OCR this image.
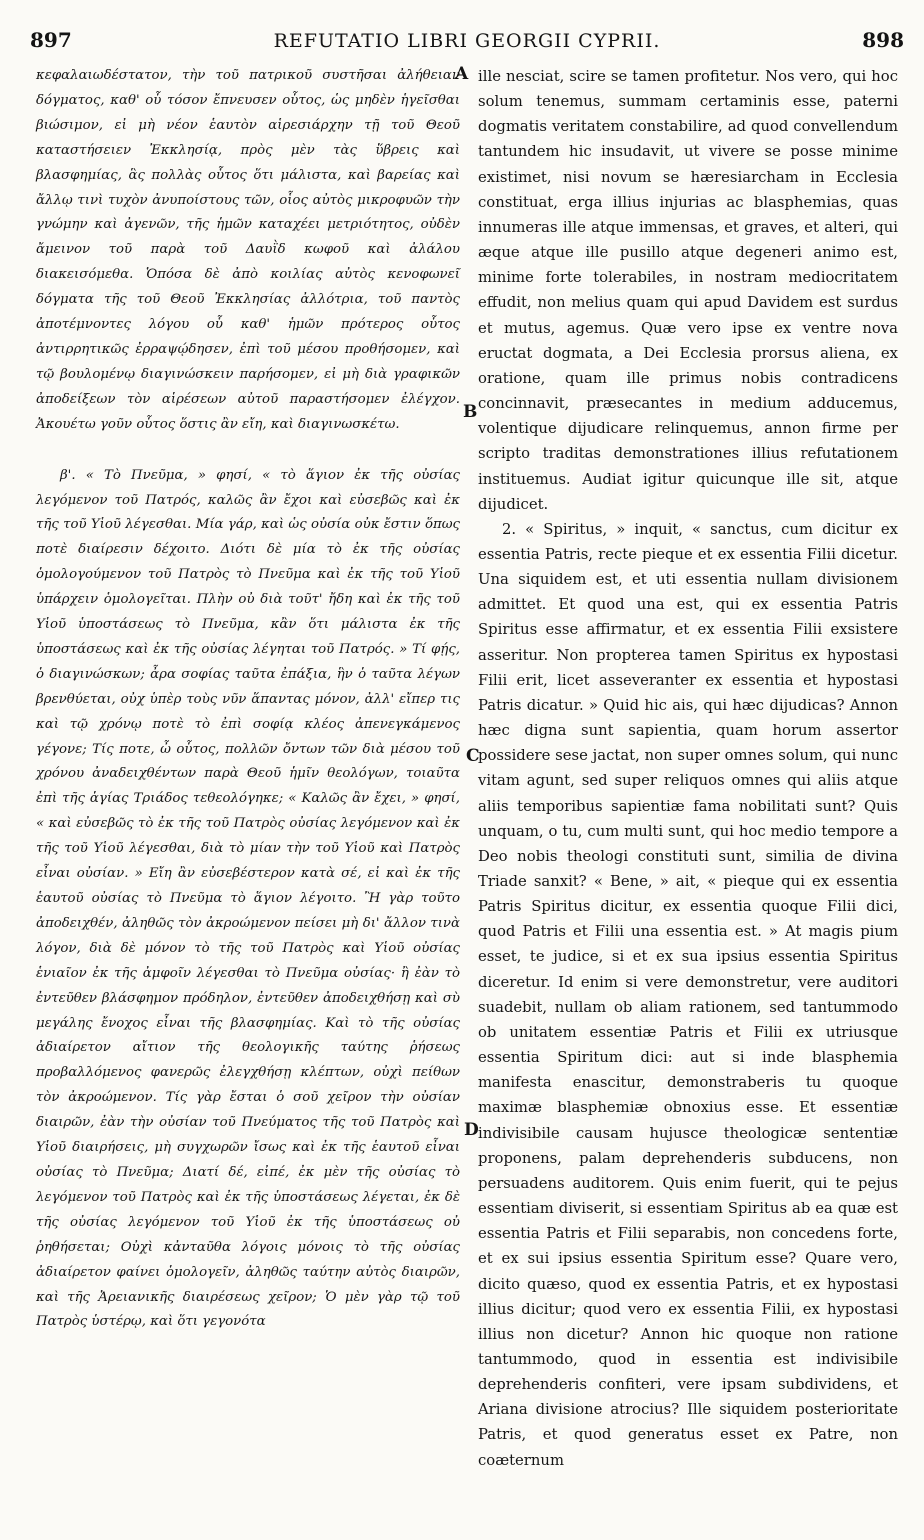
897	REFUTATIO LIBRI GEORGII CYPRII.	898

κεφαλαιωδέστατον, τὴν τοῦ πατρικοῦ συστῆσαι ἀλήθειαν δόγματος, καθ' οὗ τόσον ἔπνευσεν οὗτος, ὡς μηδὲν ἡγεῖσθαι βιώσιμον, εἰ μὴ νέον ἑαυτὸν αἱρεσιάρχην τῇ τοῦ Θεοῦ καταστήσειεν Ἐκκλησίᾳ, πρὸς μὲν τὰς ὕβρεις καὶ βλασφημίας, ἃς πολλὰς οὗτος ὅτι μάλιστα, καὶ βαρείας καὶ ἄλλῳ τινὶ τυχὸν ἀνυποίστους τῶν, οἷος αὐτὸς μικροφυῶν τὴν γνώμην καὶ ἀγενῶν, τῆς ἡμῶν καταχέει μετριότητος, οὐδὲν ἄμεινον τοῦ παρὰ τοῦ Δαυῒδ κωφοῦ καὶ ἀλάλου διακεισόμεθα. Ὁπόσα δὲ ἀπὸ κοιλίας αὐτὸς κενοφωνεῖ δόγματα τῆς τοῦ Θεοῦ Ἐκκλησίας ἀλλότρια, τοῦ παντὸς ἀποτέμνοντες λόγου οὗ καθ' ἡμῶν πρότερος οὗτος ἀντιρρητικῶς ἐρραψῴδησεν, ἐπὶ τοῦ μέσου προθήσομεν, καὶ τῷ βουλομένῳ διαγινώσκειν παρήσομεν, εἰ μὴ διὰ γραφικῶν ἀποδείξεων τὸν αἱρέσεων αὐτοῦ παραστήσομεν ἐλέγχον. Ἀκουέτω γοῦν οὗτος ὅστις ἂν εἴη, καὶ διαγινωσκέτω.

β'. « Τὸ Πνεῦμα, » φησί, « τὸ ἅγιον ἐκ τῆς οὐσίας λεγόμενον τοῦ Πατρός, καλῶς ἂν ἔχοι καὶ εὐσεβῶς καὶ ἐκ τῆς τοῦ Υἱοῦ λέγεσθαι. Μία γάρ, καὶ ὡς οὐσία οὐκ ἔστιν ὅπως ποτὲ διαίρεσιν δέχοιτο. Διότι δὲ μία τὸ ἐκ τῆς οὐσίας ὁμολογούμενον τοῦ Πατρὸς τὸ Πνεῦμα καὶ ἐκ τῆς τοῦ Υἱοῦ ὑπάρχειν ὁμολογεῖται. Πλὴν οὐ διὰ τοῦτ' ἤδη καὶ ἐκ τῆς τοῦ Υἱοῦ ὑποστάσεως τὸ Πνεῦμα, κἂν ὅτι μάλιστα ἐκ τῆς ὑποστάσεως καὶ ἐκ τῆς οὐσίας λέγηται τοῦ Πατρός. » Τί φῄς, ὁ διαγινώσκων; ἆρα σοφίας ταῦτα ἐπάξια, ἣν ὁ ταῦτα λέγων βρενθύεται, οὐχ ὑπὲρ τοὺς νῦν ἅπαντας μόνον, ἀλλ' εἴπερ τις καὶ τῷ χρόνῳ ποτὲ τὸ ἐπὶ σοφίᾳ κλέος ἀπενεγκάμενος γέγονε; Τίς ποτε, ὦ οὗτος, πολλῶν ὄντων τῶν διὰ μέσου τοῦ χρόνου ἀναδειχθέντων παρὰ Θεοῦ ἡμῖν θεολόγων, τοιαῦτα ἐπὶ τῆς ἁγίας Τριάδος τεθεολόγηκε; « Καλῶς ἂν ἔχει, » φησί, « καὶ εὐσεβῶς τὸ ἐκ τῆς τοῦ Πατρὸς οὐσίας λεγόμενον καὶ ἐκ τῆς τοῦ Υἱοῦ λέγεσθαι, διὰ τὸ μίαν τὴν τοῦ Υἱοῦ καὶ Πατρὸς εἶναι οὐσίαν. » Εἴη ἂν εὐσεβέστερον κατὰ σέ, εἰ καὶ ἐκ τῆς ἑαυτοῦ οὐσίας τὸ Πνεῦμα τὸ ἅγιον λέγοιτο. Ἢ γὰρ τοῦτο ἀποδειχθέν, ἀληθῶς τὸν ἀκροώμενον πείσει μὴ δι' ἄλλον τινὰ λόγον, διὰ δὲ μόνον τὸ τῆς τοῦ Πατρὸς καὶ Υἱοῦ οὐσίας ἑνιαῖον ἐκ τῆς ἀμφοῖν λέγεσθαι τὸ Πνεῦμα οὐσίας· ἢ ἐὰν τὸ ἐντεῦθεν βλάσφημον πρόδηλον, ἐντεῦθεν ἀποδειχθήσῃ καὶ σὺ μεγάλης ἔνοχος εἶναι τῆς βλασφημίας. Καὶ τὸ τῆς οὐσίας ἀδιαίρετον αἴτιον τῆς θεολογικῆς ταύτης ῥήσεως προβαλλόμενος φανερῶς ἐλεγχθήσῃ κλέπτων, οὐχὶ πείθων τὸν ἀκροώμενον. Τίς γὰρ ἔσται ὁ σοῦ χεῖρον τὴν οὐσίαν διαιρῶν, ἐὰν τὴν οὐσίαν τοῦ Πνεύματος τῆς τοῦ Πατρὸς καὶ Υἱοῦ διαιρήσεις, μὴ συγχωρῶν ἴσως καὶ ἐκ τῆς ἑαυτοῦ εἶναι οὐσίας τὸ Πνεῦμα; Διατί δέ, εἰπέ, ἐκ μὲν τῆς οὐσίας τὸ λεγόμενον τοῦ Πατρὸς καὶ ἐκ τῆς ὑποστάσεως λέγεται, ἐκ δὲ τῆς οὐσίας λεγόμενον τοῦ Υἱοῦ ἐκ τῆς ὑποστάσεως οὐ ῥηθήσεται; Οὐχὶ κἀνταῦθα λόγοις μόνοις τὸ τῆς οὐσίας ἀδιαίρετον φαίνει ὁμολογεῖν, ἀληθῶς ταύτην αὐτὸς διαιρῶν, καὶ τῆς Ἀρειανικῆς διαιρέσεως χεῖρον; Ὁ μὲν γὰρ τῷ τοῦ Πατρὸς ὑστέρῳ, καὶ ὅτι γεγονότα

A
B
C
D

ille nesciat, scire se tamen profitetur. Nos vero, qui hoc solum tenemus, summam certaminis esse, paterni dogmatis veritatem constabilire, ad quod convellendum tantundem hic insudavit, ut vivere se posse minime existimet, nisi novum se hæresiarcham in Ecclesia constituat, erga illius injurias ac blasphemias, quas innumeras ille atque immensas, et graves, et alteri, qui æque atque ille pusillo atque degeneri animo est, minime forte tolerabiles, in nostram mediocritatem effudit, non melius quam qui apud Davidem est surdus et mutus, agemus. Quæ vero ipse ex ventre nova eructat dogmata, a Dei Ecclesia prorsus aliena, ex oratione, quam ille primus nobis contradicens concinnavit, præsecantes in medium adducemus, volentique dijudicare relinquemus, annon firme per scripto traditas demonstrationes illius refutationem instituemus. Audiat igitur quicunque ille sit, atque dijudicet.

2. « Spiritus, » inquit, « sanctus, cum dicitur ex essentia Patris, recte pieque et ex essentia Filii dicetur. Una siquidem est, et uti essentia nullam divisionem admittet. Et quod una est, qui ex essentia Patris Spiritus esse affirmatur, et ex essentia Filii exsistere asseritur. Non propterea tamen Spiritus ex hypostasi Filii erit, licet asseveranter ex essentia et hypostasi Patris dicatur. » Quid hic ais, qui hæc dijudicas? Annon hæc digna sunt sapientia, quam horum assertor possidere sese jactat, non super omnes solum, qui nunc vitam agunt, sed super reliquos omnes qui aliis atque aliis temporibus sapientiæ fama nobilitati sunt? Quis unquam, o tu, cum multi sunt, qui hoc medio tempore a Deo nobis theologi constituti sunt, similia de divina Triade sanxit? « Bene, » ait, « pieque qui ex essentia Patris Spiritus dicitur, ex essentia quoque Filii dici, quod Patris et Filii una essentia est. » At magis pium esset, te judice, si et ex sua ipsius essentia Spiritus diceretur. Id enim si vere demonstretur, vere auditori suadebit, nullam ob aliam rationem, sed tantummodo ob unitatem essentiæ Patris et Filii ex utriusque essentia Spiritum dici: aut si inde blasphemia manifesta enascitur, demonstraberis tu quoque maximæ blasphemiæ obnoxius esse. Et essentiæ indivisibile causam hujusce theologicæ sententiæ proponens, palam deprehenderis subducens, non persuadens auditorem. Quis enim fuerit, qui te pejus essentiam diviserit, si essentiam Spiritus ab ea quæ est essentia Patris et Filii separabis, non concedens forte, et ex sui ipsius essentia Spiritum esse? Quare vero, dicito quæso, quod ex essentia Patris, et ex hypostasi illius dicitur; quod vero ex essentia Filii, ex hypostasi illius non dicetur? Annon hic quoque non ratione tantummodo, quod in essentia est indivisibile deprehenderis confiteri, vere ipsam subdividens, et Ariana divisione atrocius? Ille siquidem posterioritate Patris, et quod generatus esset ex Patre, non coæternum
